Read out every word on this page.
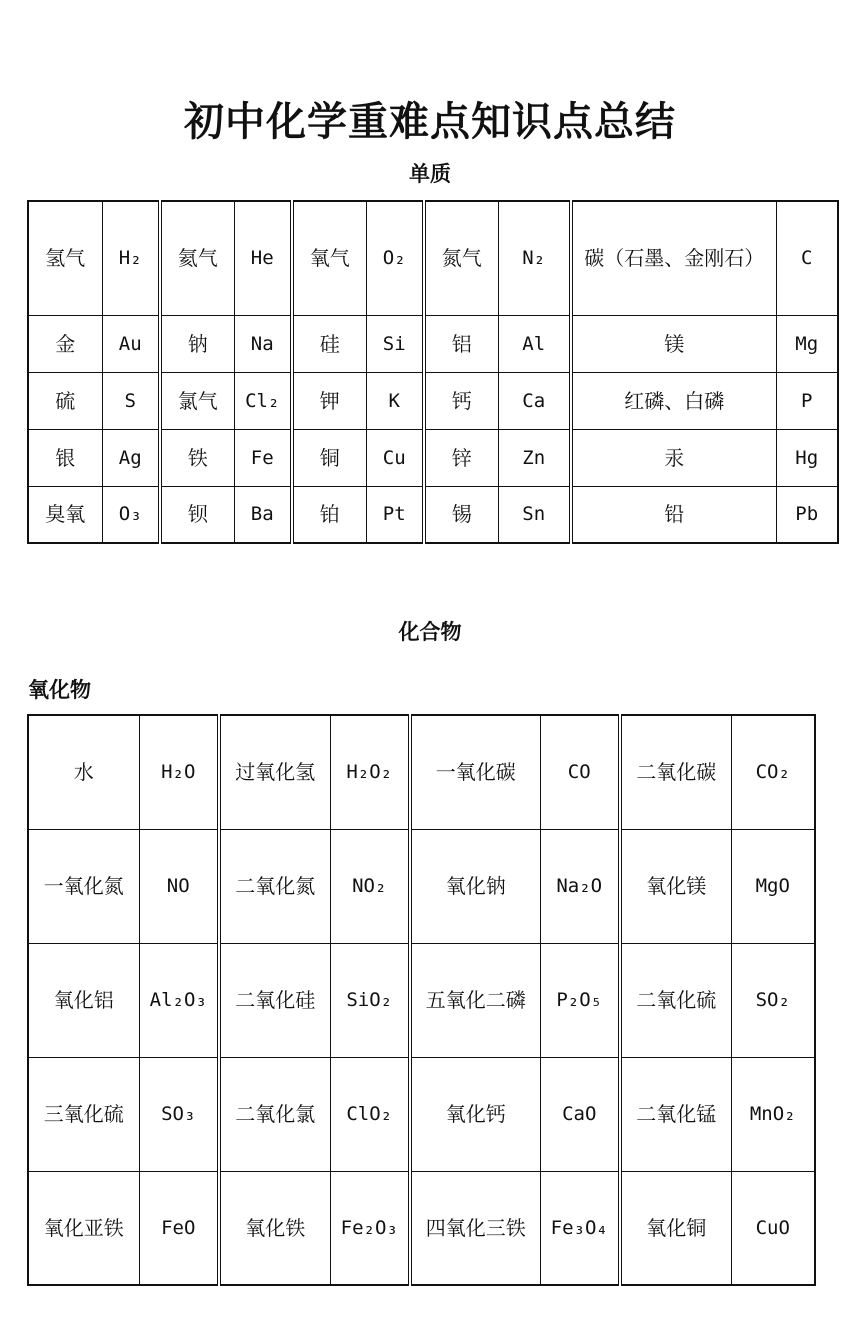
初中化学重难点知识点总结
单质
氢气	H₂	氦气	He	氧气	O₂	氮气	N₂	碳（石墨、金刚石）	C
金	Au	钠	Na	硅	Si	铝	Al	镁	Mg
硫	S	氯气	Cl₂	钾	K	钙	Ca	红磷、白磷	P
银	Ag	铁	Fe	铜	Cu	锌	Zn	汞	Hg
臭氧	O₃	钡	Ba	铂	Pt	锡	Sn	铅	Pb
化合物
氧化物
水	H₂O	过氧化氢	H₂O₂	一氧化碳	CO	二氧化碳	CO₂
一氧化氮	NO	二氧化氮	NO₂	氧化钠	Na₂O	氧化镁	MgO
氧化铝	Al₂O₃	二氧化硅	SiO₂	五氧化二磷	P₂O₅	二氧化硫	SO₂
三氧化硫	SO₃	二氧化氯	ClO₂	氧化钙	CaO	二氧化锰	MnO₂
氧化亚铁	FeO	氧化铁	Fe₂O₃	四氧化三铁	Fe₃O₄	氧化铜	CuO
